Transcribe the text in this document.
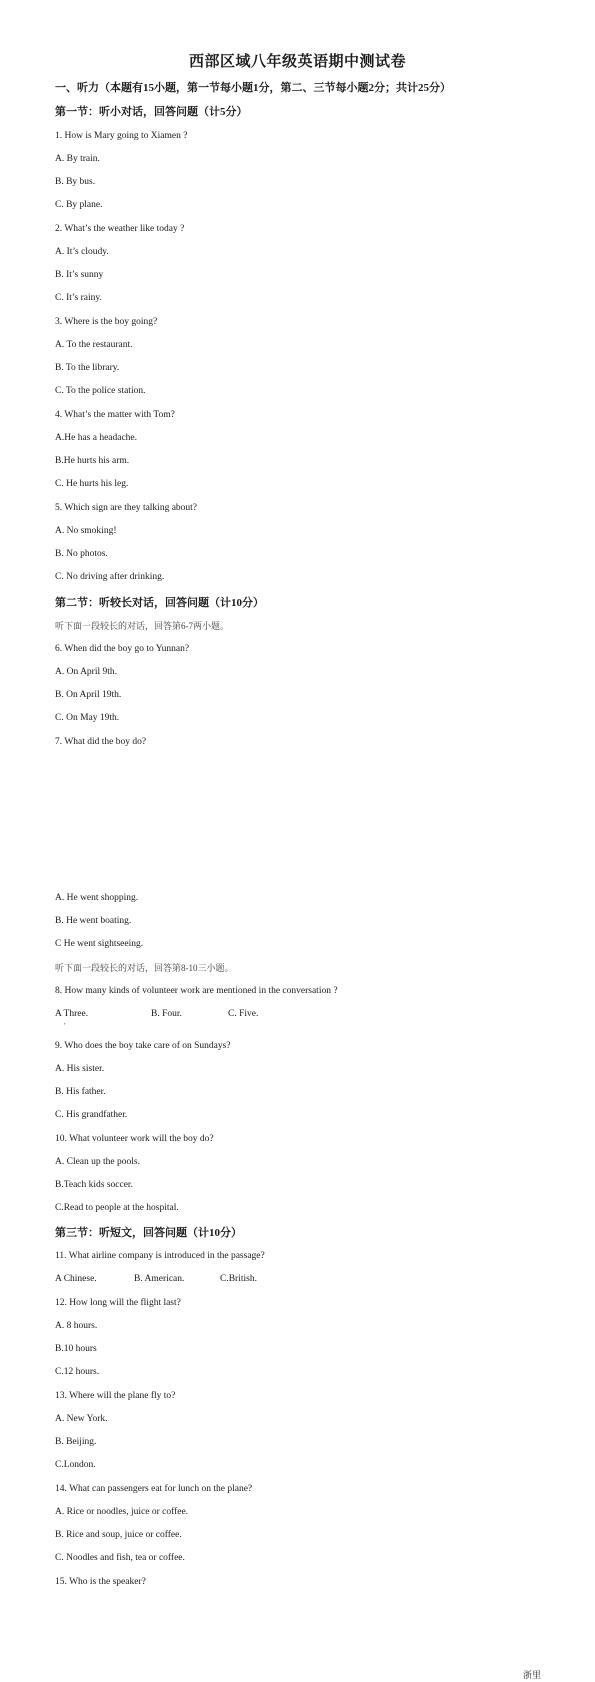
西部区域八年级英语期中测试卷
一、听力（本题有15小题，第一节每小题1分，第二、三节每小题2分；共计25分）
第一节：听小对话，回答问题（计5分）
1. How is Mary going to Xiamen ?
A. By train.
B. By bus.
C. By plane.
2. What’s the weather like today ?
A. It’s cloudy.
B. It’s sunny
C. It’s rainy.
3. Where is the boy going?
A. To the restaurant.
B. To the library.
C. To the police station.
4. What’s the matter with Tom?
A.He has a headache.
B.He hurts his arm.
C. He hurts his leg.
5. Which sign are they talking about?
A. No smoking!
B. No photos.
C. No driving after drinking.
第二节：听较长对话，回答问题（计10分）
听下面一段较长的对话，回答第6-7两小题。
6. When did the boy go to Yunnan?
A. On April 9th.
B. On April 19th.
C. On May 19th.
7. What did the boy do?
A. He went shopping.
B. He went boating.
C He went sightseeing.
听下面一段较长的对话，回答第8-10三小题。
8. How many kinds of volunteer work are mentioned in the conversation ?
A Three.	B. Four.	C. Five.
′
9. Who does the boy take care of on Sundays?
A. His sister.
B. His father.
C. His grandfather.
10. What volunteer work will the boy do?
A. Clean up the pools.
B.Teach kids soccer.
C.Read to people at the hospital.
第三节：听短文，回答问题（计10分）
11. What airline company is introduced in the passage?
A Chinese.	B. American.	C.British.
12. How long will the flight last?
A. 8 hours.
B.10 hours
C.12 hours.
13. Where will the plane fly to?
A. New York.
B. Beijing.
C.London.
14. What can passengers eat for lunch on the plane?
A. Rice or noodles, juice or coffee.
B. Rice and soup, juice or coffee.
C. Noodles and fish, tea or coffee.
15. Who is the speaker?
浙里
